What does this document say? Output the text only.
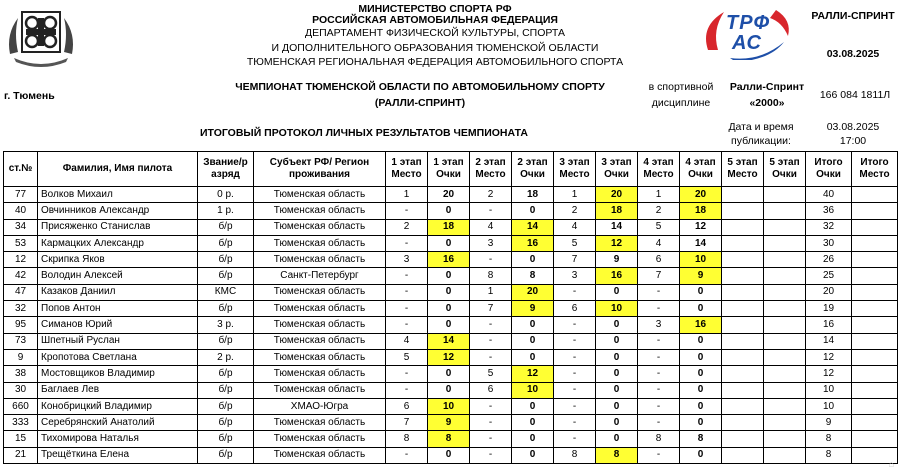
МИНИСТЕРСТВО СПОРТА РФ
РОССИЙСКАЯ АВТОМОБИЛЬНАЯ ФЕДЕРАЦИЯ
ДЕПАРТАМЕНТ ФИЗИЧЕСКОЙ КУЛЬТУРЫ, СПОРТА
И ДОПОЛНИТЕЛЬНОГО ОБРАЗОВАНИЯ ТЮМЕНСКОЙ ОБЛАСТИ
ТЮМЕНСКАЯ РЕГИОНАЛЬНАЯ ФЕДЕРАЦИЯ АВТОМОБИЛЬНОГО СПОРТА
ТРФ
АС
РАЛЛИ-СПРИНТ
03.08.2025
г. Тюмень
ЧЕМПИОНАТ ТЮМЕНСКОЙ ОБЛАСТИ ПО АВТОМОБИЛЬНОМУ СПОРТУ
(РАЛЛИ-СПРИНТ)
в спортивной
дисциплине
Ралли-Спринт
«2000»
166 084 1811Л
ИТОГОВЫЙ ПРОТОКОЛ ЛИЧНЫХ РЕЗУЛЬТАТОВ ЧЕМПИОНАТА	Дата и время
публикации:
03.08.2025
17:00
ст.№	Фамилия, Имя пилота	Звание/р азряд	Субъект РФ/ Регион проживания	1 этап Место	1 этап Очки	2 этап Место	2 этап Очки	3 этап Место	3 этап Очки	4 этап Место	4 этап Очки	5 этап Место	5 этап Очки	Итого Очки	Итого Место
77	Волков Михаил	0 р.	Тюменская область	1	20	2	18	1	20	1	20			40	
40	Овчинников Александр	1 р.	Тюменская область	-	0	-	0	2	18	2	18			36	
34	Присяженко Станислав	б/р	Тюменская область	2	18	4	14	4	14	5	12			32	
53	Кармацких Александр	б/р	Тюменская область	-	0	3	16	5	12	4	14			30	
12	Скрипка Яков	б/р	Тюменская область	3	16	-	0	7	9	6	10			26	
42	Володин Алексей	б/р	Санкт-Петербург	-	0	8	8	3	16	7	9			25	
47	Казаков Даниил	КМС	Тюменская область	-	0	1	20	-	0	-	0			20	
32	Попов Антон	б/р	Тюменская область	-	0	7	9	6	10	-	0			19	
95	Симанов Юрий	3 р.	Тюменская область	-	0	-	0	-	0	3	16			16	
73	Шпетный Руслан	б/р	Тюменская область	4	14	-	0	-	0	-	0			14	
9	Кропотова Светлана	2 р.	Тюменская область	5	12	-	0	-	0	-	0			12	
38	Мостовщиков Владимир	б/р	Тюменская область	-	0	5	12	-	0	-	0			12	
30	Баглаев Лев	б/р	Тюменская область	-	0	6	10	-	0	-	0			10	
660	Конобрицкий Владимир	б/р	ХМАО-Югра	6	10	-	0	-	0	-	0			10	
333	Серебрянский Анатолий	б/р	Тюменская область	7	9	-	0	-	0	-	0			9	
15	Тихомирова Наталья	б/р	Тюменская область	8	8	-	0	-	0	8	8			8	
21	Трещёткина Елена	б/р	Тюменская область	-	0	-	0	8	8	-	0			8	
⌂
